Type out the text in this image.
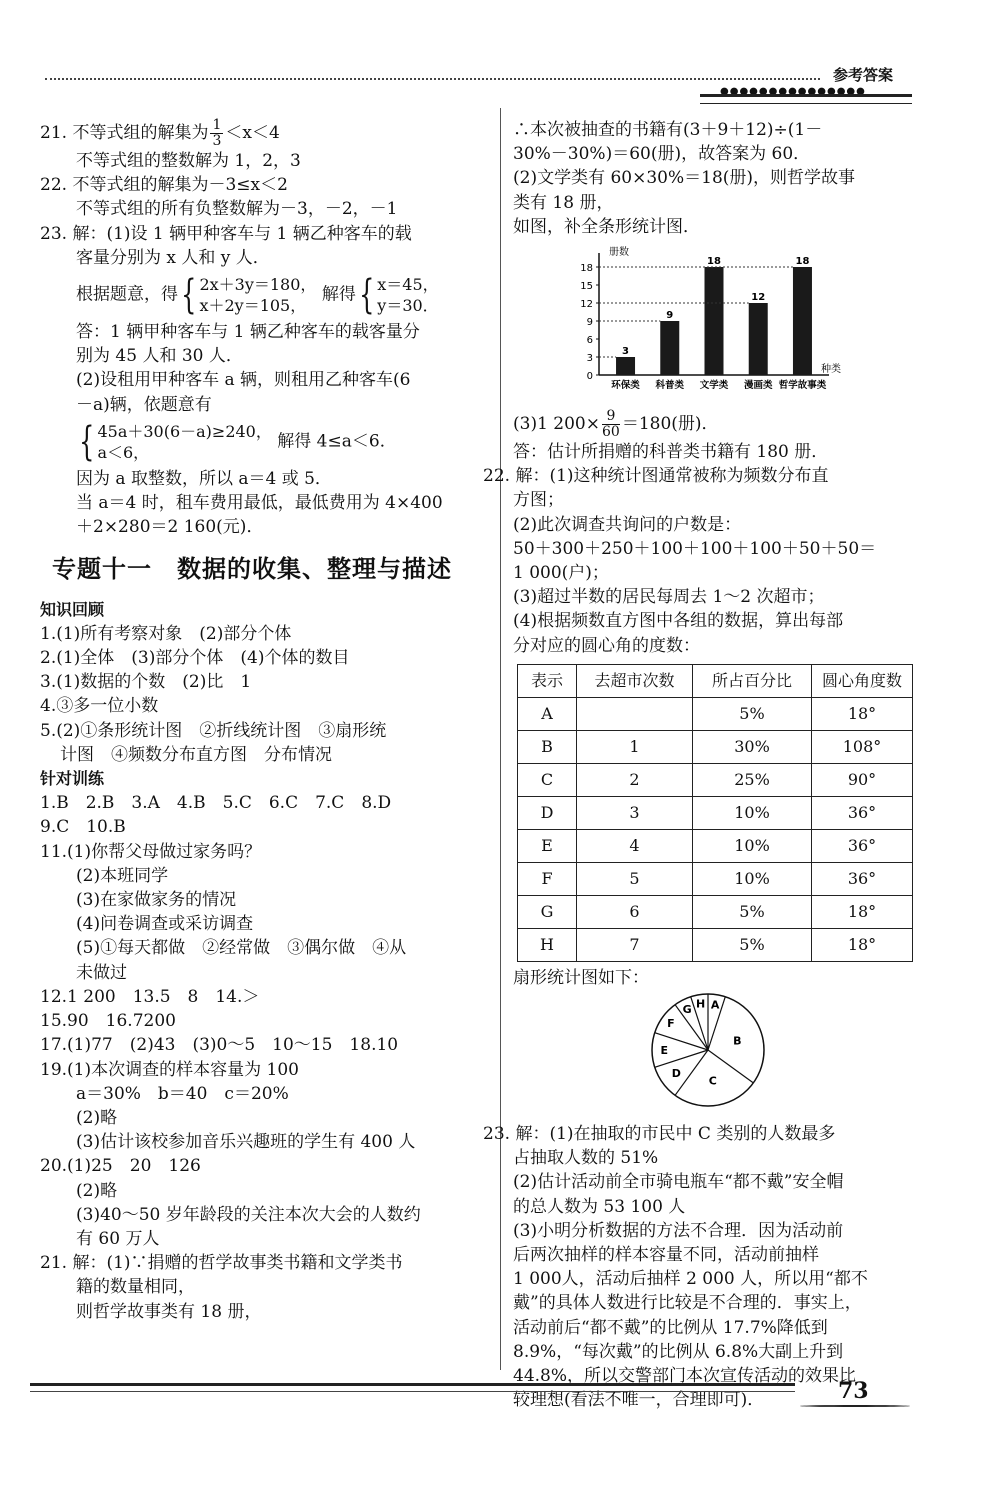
参考答案
●●●●●●●●●●●●●●●
21. 不等式组的解集为 $\frac{1}{3} <x<4$
不等式组的整数解为 1，2，3
22. 不等式组的解集为－3≤x＜2
不等式组的所有负整数解为－3，－2，－1
23. 解：(1)设 1 辆甲种客车与 1 辆乙种客车的载
客量分别为 x 人和 y 人．
根据题意，得 { 2x＋3y＝180，
x＋2y＝105，
解得 { x＝45，
y＝30．
答：1 辆甲种客车与 1 辆乙种客车的载客量分
别为 45 人和 30 人．
(2)设租用甲种客车 a 辆，则租用乙种客车(6
－a)辆，依题意有
{ 45a＋30(6－a)≥240，
a＜6，
解得 4≤a＜6．
因为 a 取整数，所以 a＝4 或 5．
当 a＝4 时，租车费用最低，最低费用为 4×400
＋2×280＝2 160(元)．
专题十一　数据的收集、整理与描述
知识回顾
1.(1)所有考察对象　(2)部分个体
2.(1)全体　(3)部分个体　(4)个体的数目
3.(1)数据的个数　(2)比　1
4.③多一位小数
5.(2)①条形统计图　②折线统计图　③扇形统
计图　④频数分布直方图　分布情况
针对训练
1.B　2.B　3.A　4.B　5.C　6.C　7.C　8.D
9.C　10.B
11.(1)你帮父母做过家务吗？
(2)本班同学
(3)在家做家务的情况
(4)问卷调查或采访调查
(5)①每天都做　②经常做　③偶尔做　④从
未做过
12.1 200　13.5　8　14.＞
15.90　16.7200
17.(1)77　(2)43　(3)0～5　10～15　18.10
19.(1)本次调查的样本容量为 100
a＝30%　b＝40　c＝20%
(2)略
(3)估计该校参加音乐兴趣班的学生有 400 人
20.(1)25　20　126
(2)略
(3)40～50 岁年龄段的关注本次大会的人数约
有 60 万人
21. 解：(1)∵捐赠的哲学故事类书籍和文学类书
籍的数量相同，
则哲学故事类有 18 册，
∴本次被抽查的书籍有(3＋9＋12)÷(1－
30%－30%)＝60(册)，故答案为 60．
(2)文学类有 60×30%＝18(册)，则哲学故事
类有 18 册，
如图，补全条形统计图．
册数
种类
0
3
6
9
12
15
18
3
环保类
9
科普类
18
文学类
12
漫画类
18
哲学故事类
(3)1 $200\times \frac{9}{60} =180$(册)．
答：估计所捐赠的科普类书籍有 180 册．
22. 解：(1)这种统计图通常被称为频数分布直
方图；
(2)此次调查共询问的户数是：
50＋300＋250＋100＋100＋100＋50＋50＝
1 000(户)；
(3)超过半数的居民每周去 1～2 次超市；
(4)根据频数直方图中各组的数据，算出每部
分对应的圆心角的度数：
表示	去超市次数	所占百分比	圆心角度数
A		5%	18°
B	1	30%	108°
C	2	25%	90°
D	3	10%	36°
E	4	10%	36°
F	5	10%	36°
G	6	5%	18°
H	7	5%	18°
扇形统计图如下：
A
B
C
D
E
F
G H
23. 解：(1)在抽取的市民中 C 类别的人数最多
占抽取人数的 51%
(2)估计活动前全市骑电瓶车“都不戴”安全帽
的总人数为 53 100 人
(3)小明分析数据的方法不合理．因为活动前
后两次抽样的样本容量不同，活动前抽样
1 000人，活动后抽样 2 000 人，所以用“都不
戴”的具体人数进行比较是不合理的．事实上，
活动前后“都不戴”的比例从 17.7%降低到
8.9%，“每次戴”的比例从 6.8%大副上升到
44.8%，所以交警部门本次宣传活动的效果比
较理想(看法不唯一，合理即可)．	73
